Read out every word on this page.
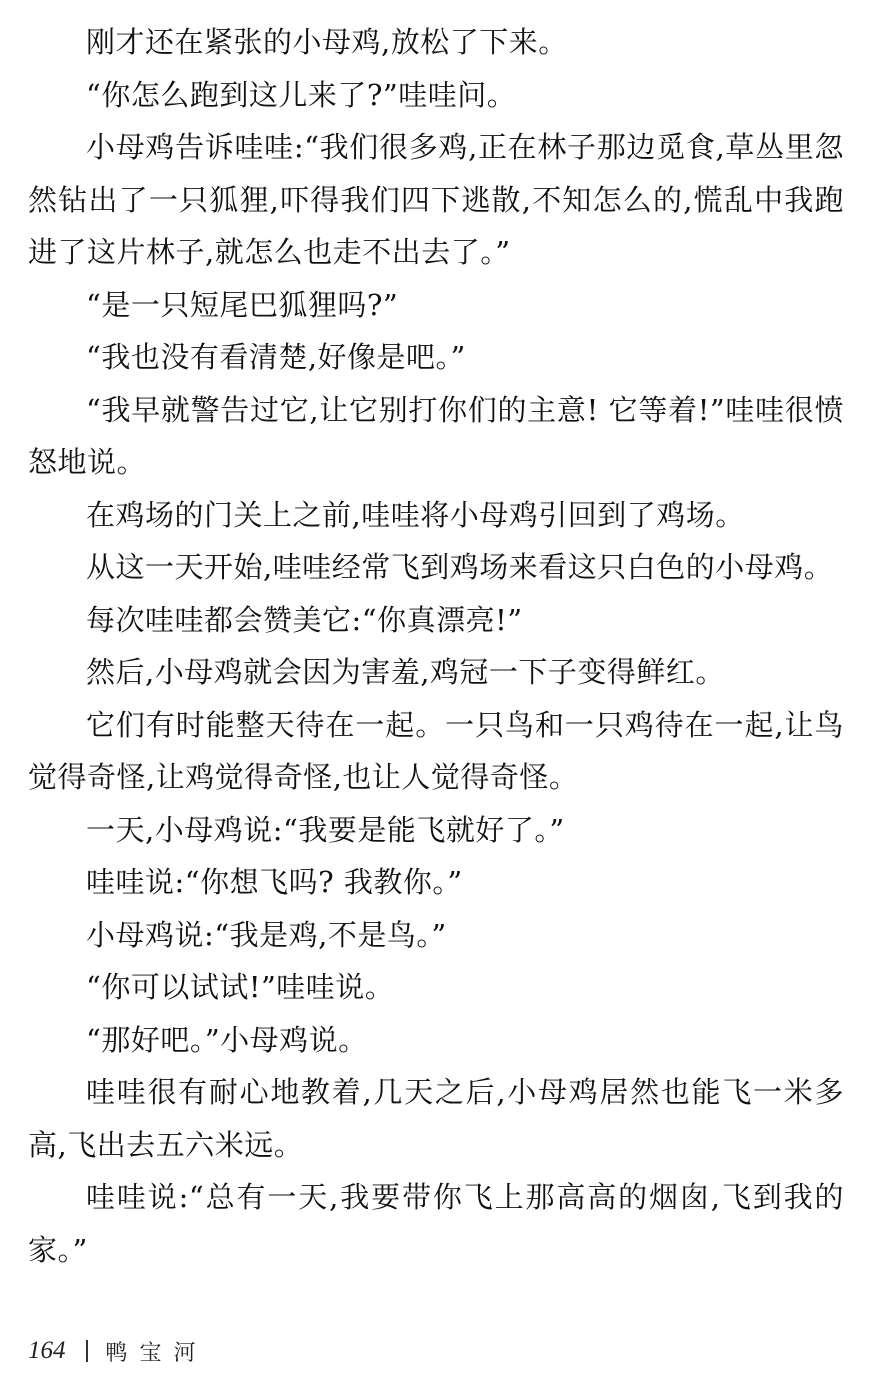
刚才还在紧张的小母鸡,放松了下来。

“你怎么跑到这儿来了?”哇哇问。

小母鸡告诉哇哇:“我们很多鸡,正在林子那边觅食,草丛里忽然钻出了一只狐狸,吓得我们四下逃散,不知怎么的,慌乱中我跑进了这片林子,就怎么也走不出去了。”

“是一只短尾巴狐狸吗?”

“我也没有看清楚,好像是吧。”

“我早就警告过它,让它别打你们的主意! 它等着!”哇哇很愤怒地说。

在鸡场的门关上之前,哇哇将小母鸡引回到了鸡场。

从这一天开始,哇哇经常飞到鸡场来看这只白色的小母鸡。

每次哇哇都会赞美它:“你真漂亮!”

然后,小母鸡就会因为害羞,鸡冠一下子变得鲜红。

它们有时能整天待在一起。一只鸟和一只鸡待在一起,让鸟觉得奇怪,让鸡觉得奇怪,也让人觉得奇怪。

一天,小母鸡说:“我要是能飞就好了。”

哇哇说:“你想飞吗? 我教你。”

小母鸡说:“我是鸡,不是鸟。”

“你可以试试!”哇哇说。

“那好吧。”小母鸡说。

哇哇很有耐心地教着,几天之后,小母鸡居然也能飞一米多高,飞出去五六米远。

哇哇说:“总有一天,我要带你飞上那高高的烟囱,飞到我的家。”

164 鸭宝河
